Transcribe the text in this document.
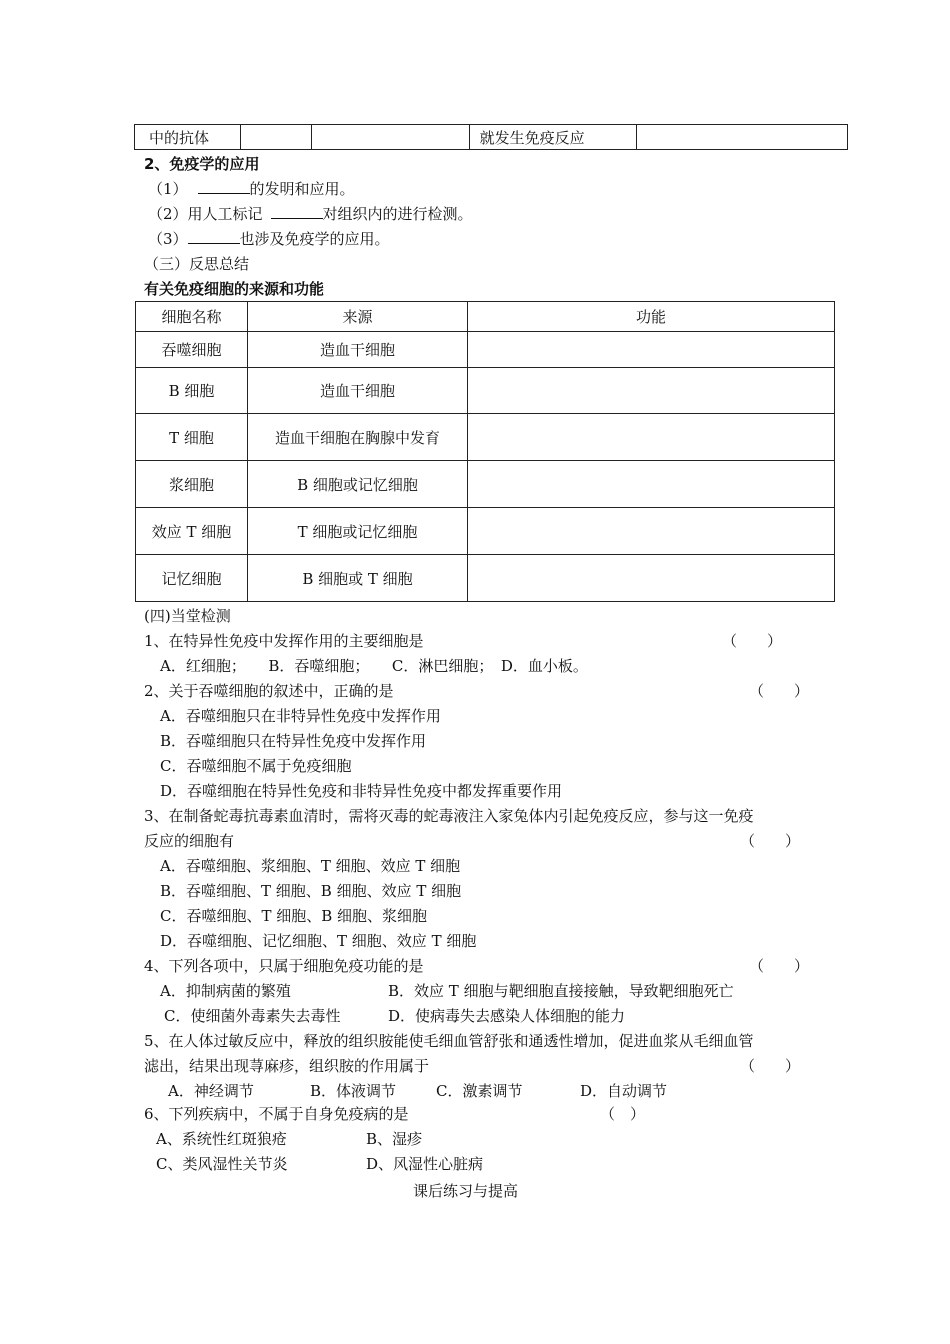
中的抗体			就发生免疫反应	
2、免疫学的应用
（1）	的发明和应用。
（2）用人工标记	对组织内的进行检测。
（3）	也涉及免疫学的应用。
（三）反思总结
有关免疫细胞的来源和功能
细胞名称	来源	功能
吞噬细胞	造血干细胞	
B 细胞	造血干细胞	
T 细胞	造血干细胞在胸腺中发育	
浆细胞	B 细胞或记忆细胞	
效应 T 细胞	T 细胞或记忆细胞	
记忆细胞	B 细胞或 T 细胞	
(四)当堂检测
1、在特异性免疫中发挥作用的主要细胞是	（　　）
A．红细胞；　　B．吞噬细胞；　　C．淋巴细胞；　D．血小板。
2、关于吞噬细胞的叙述中，正确的是	（　　）
A．吞噬细胞只在非特异性免疫中发挥作用
B．吞噬细胞只在特异性免疫中发挥作用
C．吞噬细胞不属于免疫细胞
D．吞噬细胞在特异性免疫和非特异性免疫中都发挥重要作用
3、在制备蛇毒抗毒素血清时，需将灭毒的蛇毒液注入家兔体内引起免疫反应，参与这一免疫
反应的细胞有	（　　）
A．吞噬细胞、浆细胞、T 细胞、效应 T 细胞
B．吞噬细胞、T 细胞、B 细胞、效应 T 细胞
C．吞噬细胞、T 细胞、B 细胞、浆细胞
D．吞噬细胞、记忆细胞、T 细胞、效应 T 细胞
4、下列各项中，只属于细胞免疫功能的是	（　　）
A．抑制病菌的繁殖	B．效应 T 细胞与靶细胞直接接触，导致靶细胞死亡
C．使细菌外毒素失去毒性	D．使病毒失去感染人体细胞的能力
5、在人体过敏反应中，释放的组织胺能使毛细血管舒张和通透性增加，促进血浆从毛细血管
滤出，结果出现荨麻疹，组织胺的作用属于	（　　）
A．神经调节	B．体液调节	C．激素调节	D．自动调节
6、下列疾病中，不属于自身免疫病的是	（　）
A、系统性红斑狼疮	B、湿疹
C、类风湿性关节炎	D、风湿性心脏病
课后练习与提高
